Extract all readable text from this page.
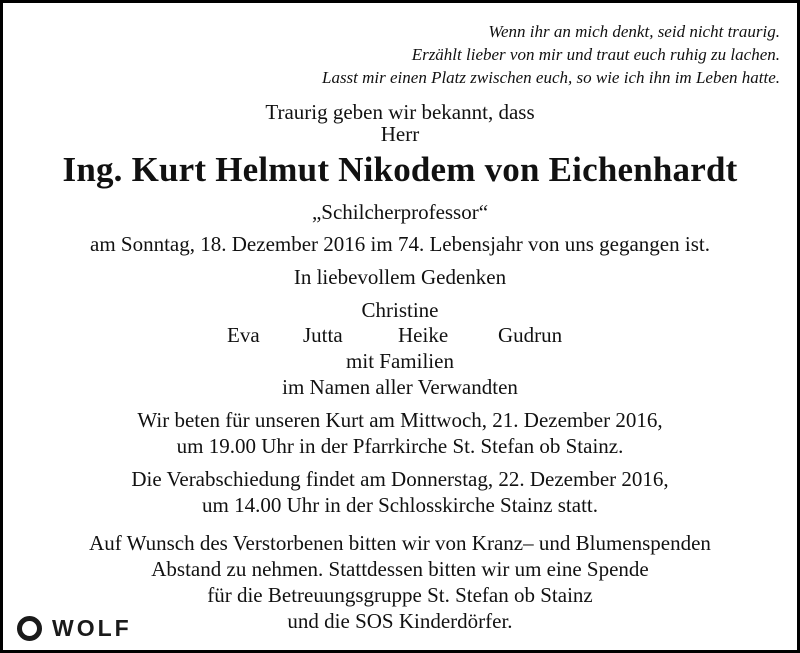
Wenn ihr an mich denkt, seid nicht traurig.
Erzählt lieber von mir und traut euch ruhig zu lachen.
Lasst mir einen Platz zwischen euch, so wie ich ihn im Leben hatte.
Traurig geben wir bekannt, dass
Herr
Ing. Kurt Helmut Nikodem von Eichenhardt
„Schilcherprofessor“
am Sonntag, 18. Dezember 2016 im 74. Lebensjahr von uns gegangen ist.
In liebevollem Gedenken
Christine
Eva Jutta	Heike Gudrun
mit Familien
im Namen aller Verwandten
Wir beten für unseren Kurt am Mittwoch, 21. Dezember 2016,
um 19.00 Uhr in der Pfarrkirche St. Stefan ob Stainz.
Die Verabschiedung findet am Donnerstag, 22. Dezember 2016,
um 14.00 Uhr in der Schlosskirche Stainz statt.
Auf Wunsch des Verstorbenen bitten wir von Kranz– und Blumenspenden
Abstand zu nehmen. Stattdessen bitten wir um eine Spende
für die Betreuungsgruppe St. Stefan ob Stainz
und die SOS Kinderdörfer.
WOLF
